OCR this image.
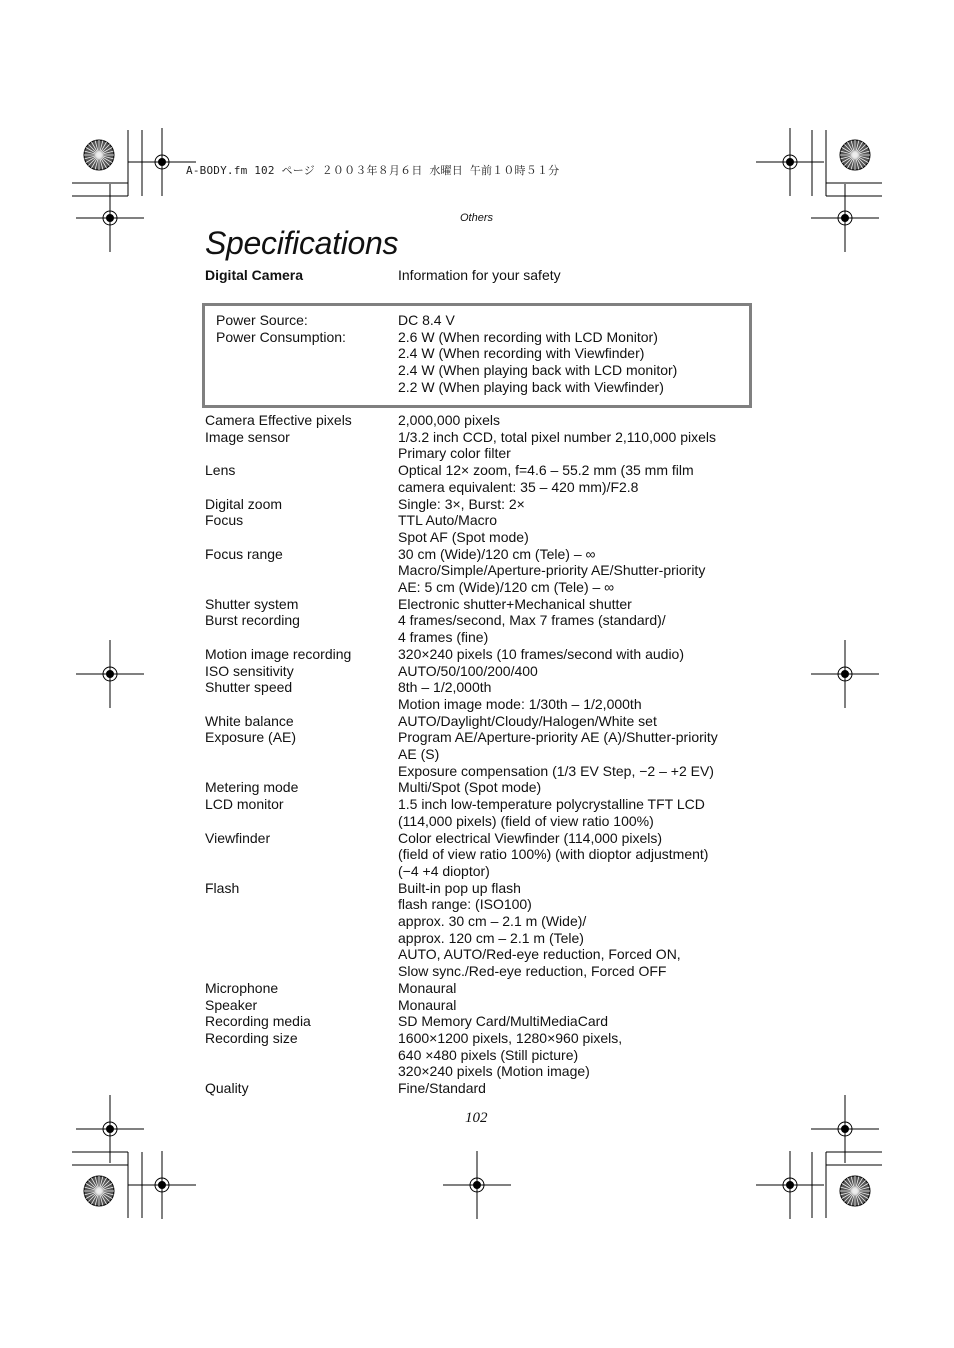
A-BODY.fm 102 ページ ２００３年８月６日 水曜日 午前１０時５１分
Others
Specifications
Digital Camera	Information for your safety
Power Source:	DC 8.4 V
Power Consumption:	2.6 W (When recording with LCD Monitor)
2.4 W (When recording with Viewfinder)
2.4 W (When playing back with LCD monitor)
2.2 W (When playing back with Viewfinder)
Camera Effective pixels	2,000,000 pixels
Image sensor	1/3.2 inch CCD, total pixel number 2,110,000 pixels
Primary color filter
Lens	Optical 12× zoom, f=4.6 – 55.2 mm (35 mm film
camera equivalent: 35 – 420 mm)/F2.8
Digital zoom	Single: 3×, Burst: 2×
Focus	TTL Auto/Macro
Spot AF (Spot mode)
Focus range	30 cm (Wide)/120 cm (Tele) – ∞
Macro/Simple/Aperture-priority AE/Shutter-priority
AE: 5 cm (Wide)/120 cm (Tele) – ∞
Shutter system	Electronic shutter+Mechanical shutter
Burst recording	4 frames/second, Max 7 frames (standard)/
4 frames (fine)
Motion image recording	320×240 pixels (10 frames/second with audio)
ISO sensitivity	AUTO/50/100/200/400
Shutter speed	8th – 1/2,000th
Motion image mode: 1/30th – 1/2,000th
White balance	AUTO/Daylight/Cloudy/Halogen/White set
Exposure (AE)	Program AE/Aperture-priority AE (A)/Shutter-priority
AE (S)
Exposure compensation (1/3 EV Step, −2 – +2 EV)
Metering mode	Multi/Spot (Spot mode)
LCD monitor	1.5 inch low-temperature polycrystalline TFT LCD
(114,000 pixels) (field of view ratio 100%)
Viewfinder	Color electrical Viewfinder (114,000 pixels)
(field of view ratio 100%) (with dioptor adjustment)
(−4 +4 dioptor)
Flash	Built-in pop up flash
flash range: (ISO100)
approx. 30 cm – 2.1 m (Wide)/
approx. 120 cm – 2.1 m (Tele)
AUTO, AUTO/Red-eye reduction, Forced ON,
Slow sync./Red-eye reduction, Forced OFF
Microphone	Monaural
Speaker	Monaural
Recording media	SD Memory Card/MultiMediaCard
Recording size	1600×1200 pixels, 1280×960 pixels,
640 ×480 pixels (Still picture)
320×240 pixels (Motion image)
Quality	Fine/Standard
102
